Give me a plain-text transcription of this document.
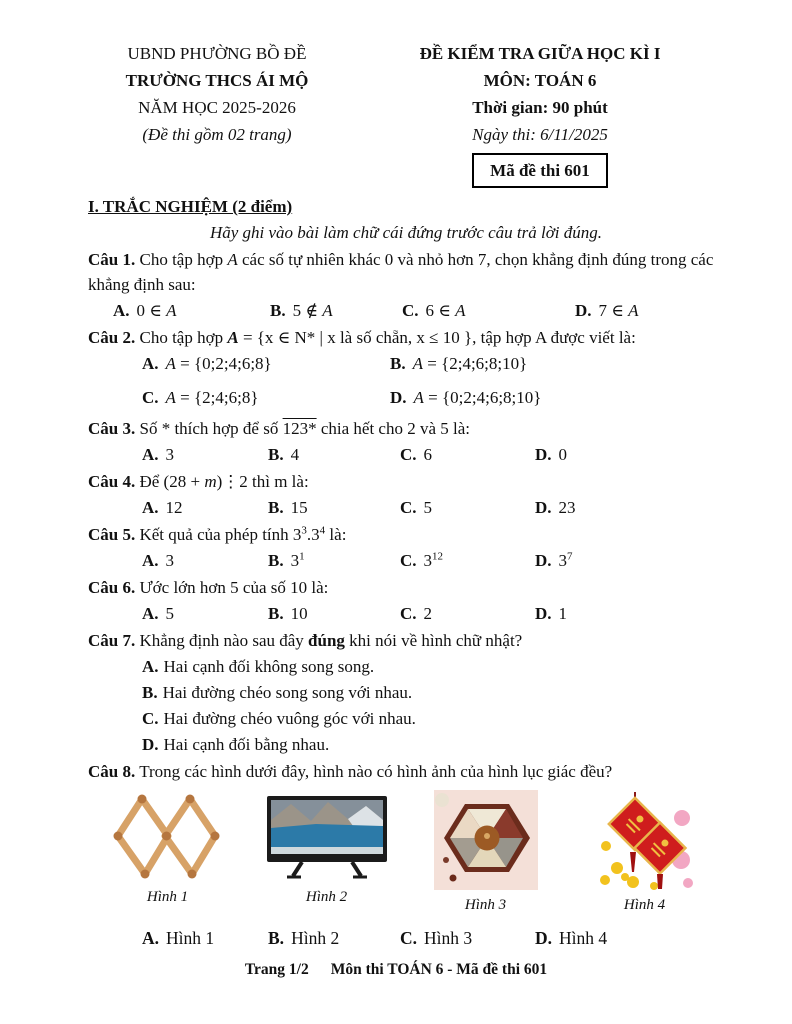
UBND PHƯỜNG BỒ ĐỀ
TRƯỜNG THCS ÁI MỘ
NĂM HỌC 2025-2026
(Đề thi gồm 02 trang)
ĐỀ KIỂM TRA GIỮA HỌC KÌ I
MÔN: TOÁN 6
Thời gian: 90 phút
Ngày thi: 6/11/2025
Mã đề thi 601
I. TRẮC NGHIỆM (2 điểm)
Hãy ghi vào bài làm chữ cái đứng trước câu trả lời đúng.

Câu 1. Cho tập hợp A các số tự nhiên khác 0 và nhỏ hơn 7, chọn khẳng định đúng trong các khẳng định sau:

A. 0 ∈ A	B. 5 ∉ A	C. 6 ∈ A	D. 7 ∈ A

Câu 2. Cho tập hợp A = {x ∈ N* | x là số chẵn, x ≤ 10 }, tập hợp A được viết là:

A. A = {0;2;4;6;8}	B. A = {2;4;6;8;10}
C. A = {2;4;6;8}	D. A = {0;2;4;6;8;10}

Câu 3. Số * thích hợp để số 123* chia hết cho 2 và 5 là:

A. 3	B. 4	C. 6	D. 0

Câu 4. Để (28 + m)⋮2 thì m là:

A. 12	B. 15	C. 5	D. 23

Câu 5. Kết quả của phép tính $3^3.3^4$ là:

A. 3	B. $3^1$	C. $3^{12}$	D. $3^7$

Câu 6. Ước lớn hơn 5 của số 10 là:

A. 5	B. 10	C. 2	D. 1

Câu 7. Khẳng định nào sau đây đúng khi nói về hình chữ nhật?

A. Hai cạnh đối không song song.
B. Hai đường chéo song song với nhau.
C. Hai đường chéo vuông góc với nhau.
D. Hai cạnh đối bằng nhau.

Câu 8. Trong các hình dưới đây, hình nào có hình ảnh của hình lục giác đều?

Hình 1	Hình 2	Hình 3	Hình 4
A. Hình 1	B. Hình 2	C. Hình 3	D. Hình 4
Trang 1/2 Môn thi TOÁN 6 - Mã đề thi 601
